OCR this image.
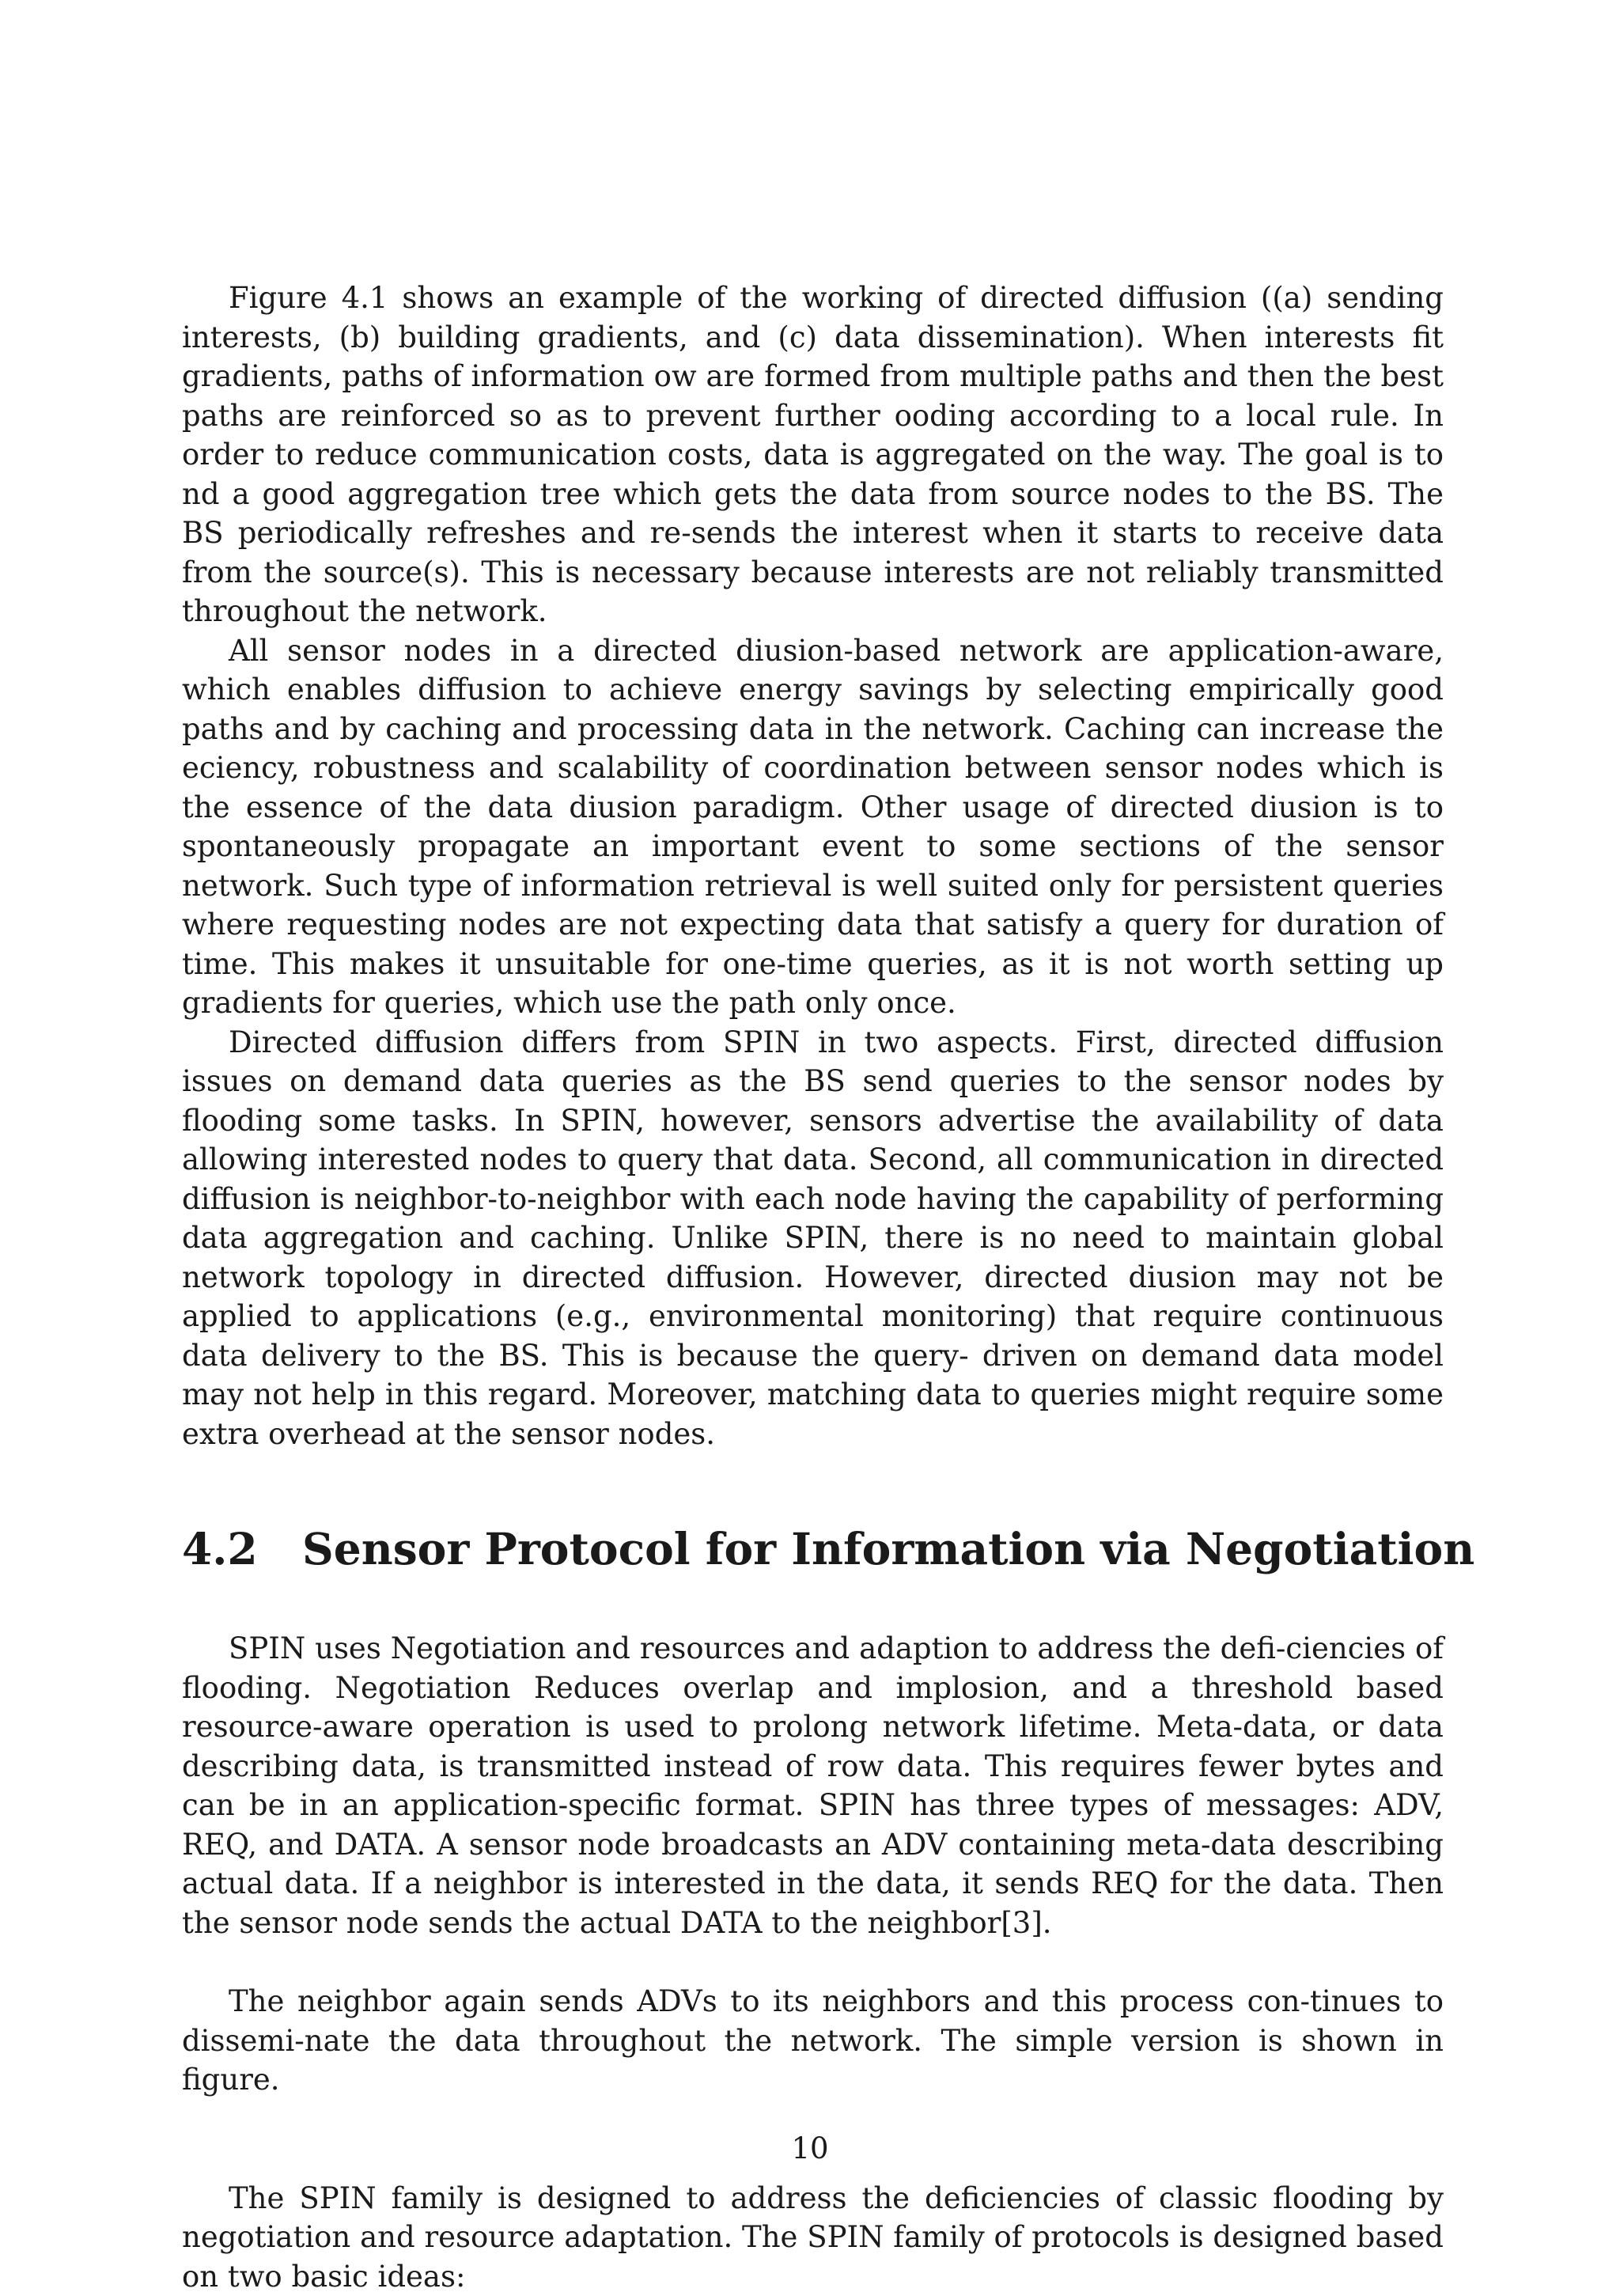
Figure 4.1 shows an example of the working of directed diffusion ((a) sending interests, (b) building gradients, and (c) data dissemination). When interests fit gradients, paths of information ow are formed from multiple paths and then the best paths are reinforced so as to prevent further ooding according to a local rule. In order to reduce communication costs, data is aggregated on the way. The goal is to nd a good aggregation tree which gets the data from source nodes to the BS. The BS periodically refreshes and re-sends the interest when it starts to receive data from the source(s). This is necessary because interests are not reliably transmitted throughout the network.

All sensor nodes in a directed diusion-based network are application-aware, which enables diffusion to achieve energy savings by selecting empirically good paths and by caching and processing data in the network. Caching can increase the eciency, robustness and scalability of coordination between sensor nodes which is the essence of the data diusion paradigm. Other usage of directed diusion is to spontaneously propagate an important event to some sections of the sensor network. Such type of information retrieval is well suited only for persistent queries where requesting nodes are not expecting data that satisfy a query for duration of time. This makes it unsuitable for one-time queries, as it is not worth setting up gradients for queries, which use the path only once.

Directed diffusion differs from SPIN in two aspects. First, directed diffusion issues on demand data queries as the BS send queries to the sensor nodes by flooding some tasks. In SPIN, however, sensors advertise the availability of data allowing interested nodes to query that data. Second, all communication in directed diffusion is neighbor-to-neighbor with each node having the capability of performing data aggregation and caching. Unlike SPIN, there is no need to maintain global network topology in directed diffusion. However, directed diusion may not be applied to applications (e.g., environmental monitoring) that require continuous data delivery to the BS. This is because the query- driven on demand data model may not help in this regard. Moreover, matching data to queries might require some extra overhead at the sensor nodes.

4.2 Sensor Protocol for Information via Negotiation

SPIN uses Negotiation and resources and adaption to address the defi-ciencies of flooding. Negotiation Reduces overlap and implosion, and a threshold based resource-aware operation is used to prolong network lifetime. Meta-data, or data describing data, is transmitted instead of row data. This requires fewer bytes and can be in an application-specific format. SPIN has three types of messages: ADV, REQ, and DATA. A sensor node broadcasts an ADV containing meta-data describing actual data. If a neighbor is interested in the data, it sends REQ for the data. Then the sensor node sends the actual DATA to the neighbor[3].

The neighbor again sends ADVs to its neighbors and this process con-tinues to dissemi-nate the data throughout the network. The simple version is shown in figure.

The SPIN family is designed to address the deficiencies of classic flooding by negotiation and resource adaptation. The SPIN family of protocols is designed based on two basic ideas:

10
